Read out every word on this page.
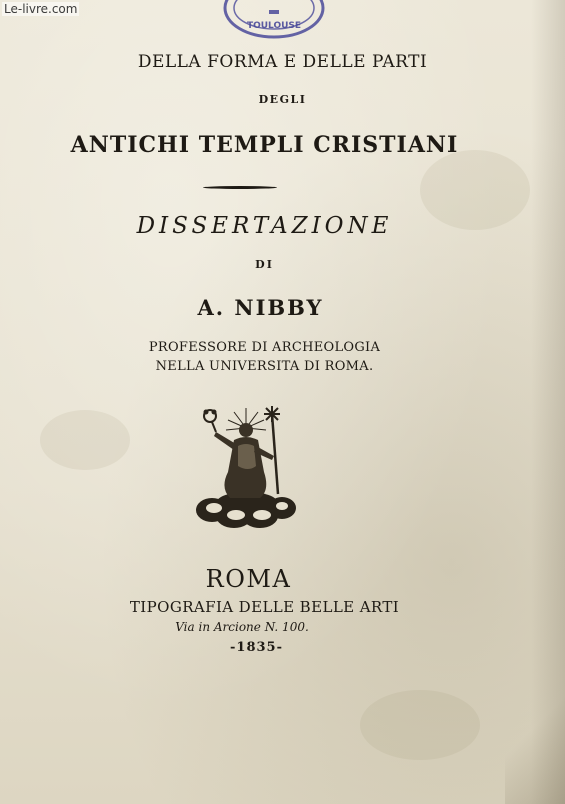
Le-livre.com
TOULOUSE
DELLA FORMA E DELLE PARTI
DEGLI
ANTICHI TEMPLI CRISTIANI
DISSERTAZIONE
DI
A. NIBBY
PROFESSORE DI ARCHEOLOGIA
NELLA UNIVERSITA DI ROMA.
ROMA
TIPOGRAFIA DELLE BELLE ARTI
Via in Arcione N. 100.
-1835-
